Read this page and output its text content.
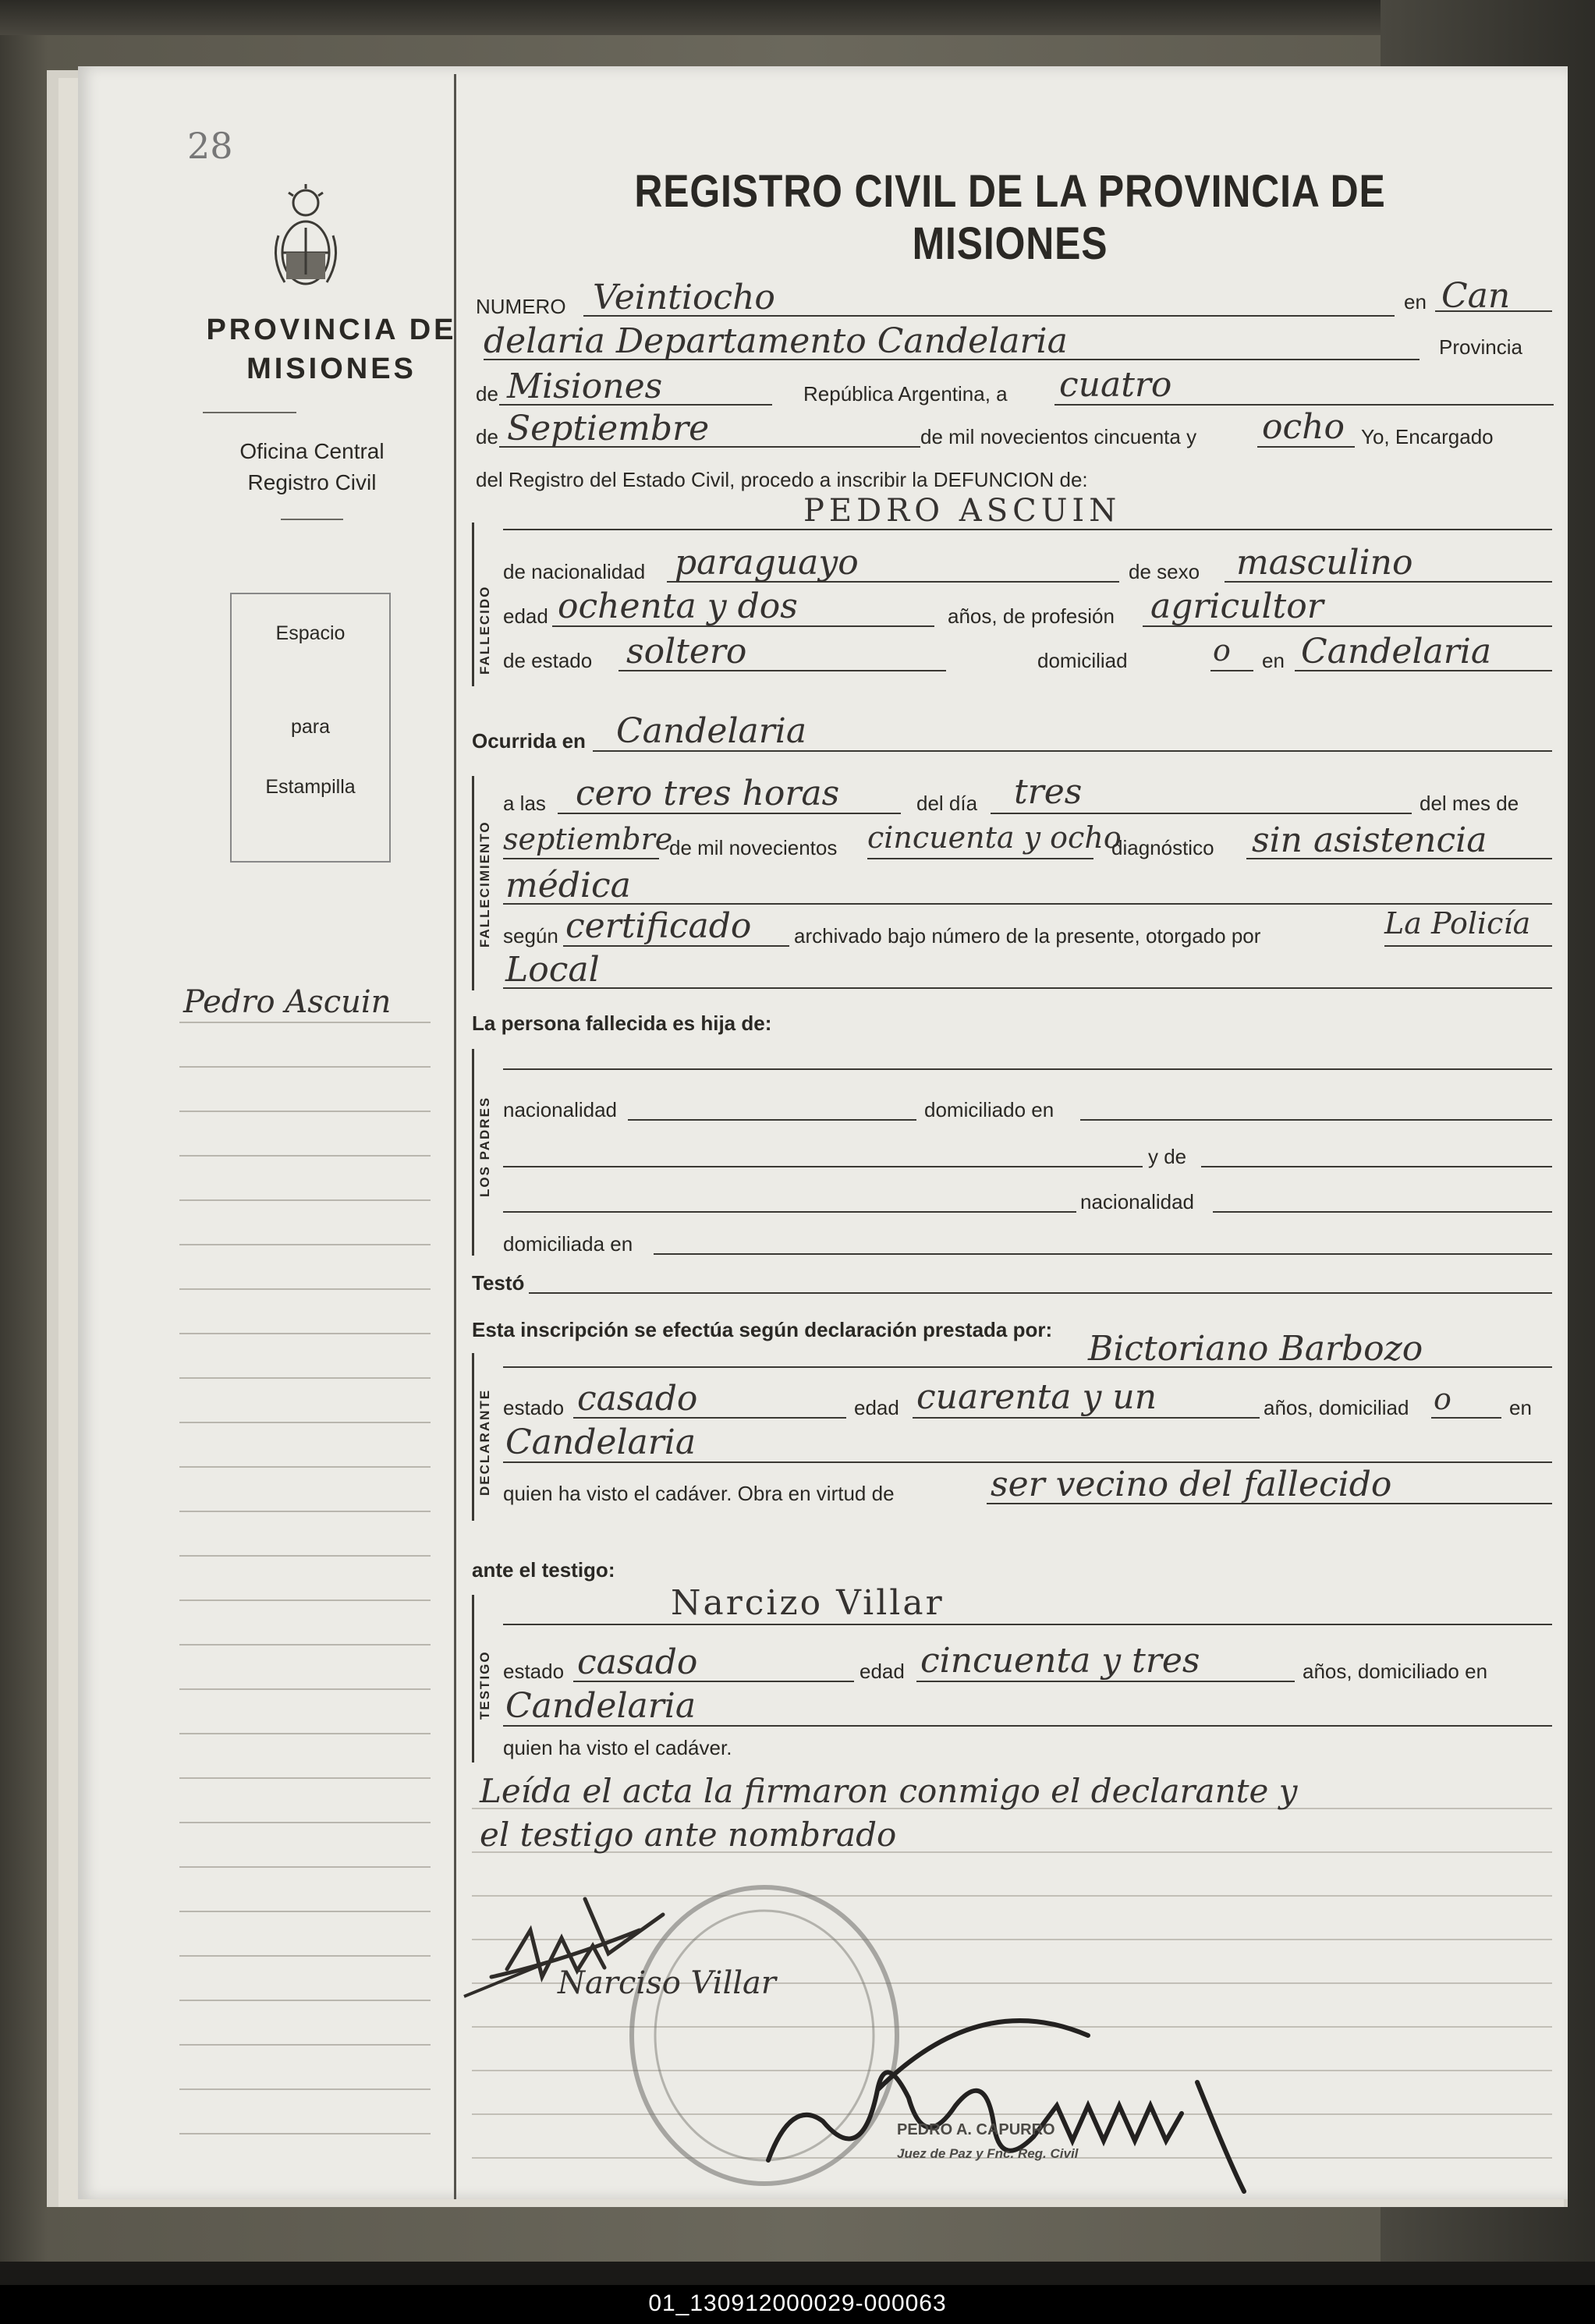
28
PROVINCIA DE MISIONES
Oficina Central
Registro Civil
Espacio
para
Estampilla
Pedro Ascuin
REGISTRO CIVIL DE LA PROVINCIA DE MISIONES
NUMERO Veintiocho	en Can
delaria Departamento Candelaria	Provincia
de Misiones	República Argentina, a cuatro
de Septiembre	de mil novecientos cincuenta y ocho Yo, Encargado
del Registro del Estado Civil, procedo a inscribir la DEFUNCION de:
FALLECIDO
PEDRO ASCUIN
de nacionalidad paraguayo	de sexo masculino
edad ochenta y dos	años, de profesión agricultor
de estado soltero	domiciliad	o en Candelaria
Ocurrida en Candelaria
FALLECIMIENTO
a las cero tres horas	del día tres	del mes de
septiembre
de mil novecientos cincuenta y ocho
diagnóstico sin asistencia
médica
según certificado archivado bajo número de la presente, otorgado por	La Policía
Local
La persona fallecida es hija de:
LOS PADRES nacionalidad	domiciliado en
y de
nacionalidad
domiciliada en
Testó
Esta inscripción se efectúa según declaración prestada por:
DECLARANTE
Bictoriano Barbozo
estado casado	edad cuarenta y un	años, domiciliad o	en
Candelaria
quien ha visto el cadáver. Obra en virtud de	ser vecino del fallecido
ante el testigo:
TESTIGO
Narcizo Villar
estado casado	edad cincuenta y tres	años, domiciliado en
Candelaria
quien ha visto el cadáver.
Leída el acta la firmaron conmigo el declarante y
el testigo ante nombrado
Narciso Villar
PEDRO A. CAPURRO
Juez de Paz y Fnc. Reg. Civil
01_130912000029-000063
